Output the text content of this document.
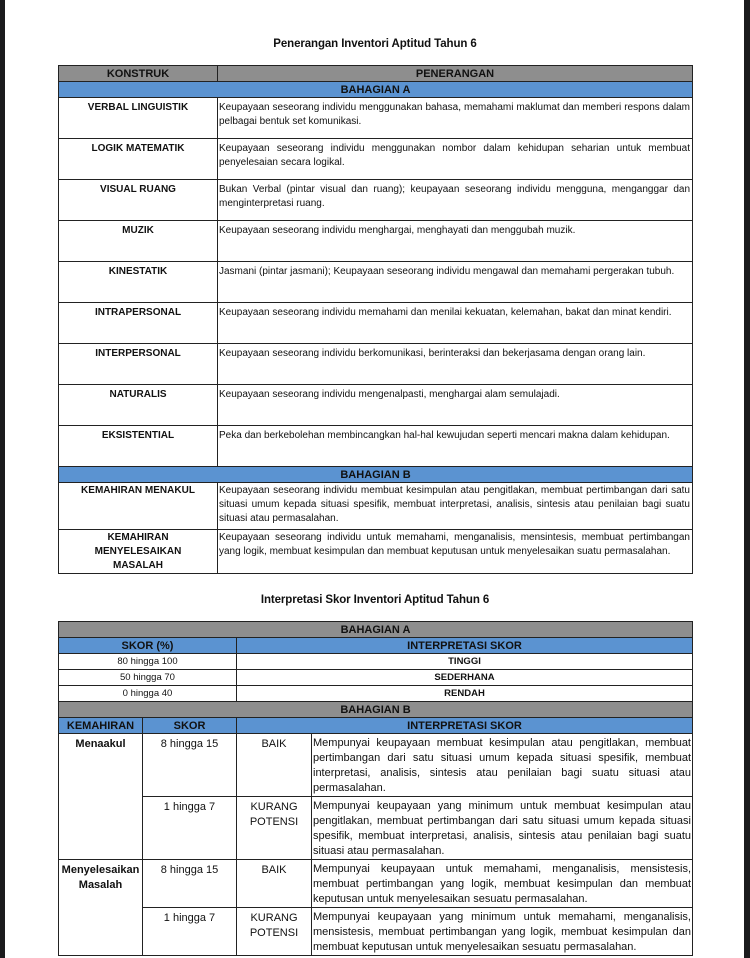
Penerangan Inventori Aptitud Tahun 6
KONSTRUK	PENERANGAN
BAHAGIAN A	
VERBAL LINGUISTIK	Keupayaan seseorang individu menggunakan bahasa, memahami maklumat dan memberi respons dalam pelbagai bentuk set komunikasi.
LOGIK MATEMATIK	Keupayaan seseorang individu menggunakan nombor dalam kehidupan seharian untuk membuat penyelesaian secara logikal.
VISUAL RUANG	Bukan Verbal (pintar visual dan ruang); keupayaan seseorang individu mengguna, menganggar dan menginterpretasi ruang.
MUZIK	Keupayaan seseorang individu menghargai, menghayati dan menggubah muzik.
KINESTATIK	Jasmani (pintar jasmani); Keupayaan seseorang individu mengawal dan memahami pergerakan tubuh.
INTRAPERSONAL	Keupayaan seseorang individu memahami dan menilai kekuatan, kelemahan, bakat dan minat kendiri.
INTERPERSONAL	Keupayaan seseorang individu berkomunikasi, berinteraksi dan bekerjasama dengan orang lain.
NATURALIS	Keupayaan seseorang individu mengenalpasti, menghargai alam semulajadi.
EKSISTENTIAL	Peka dan berkebolehan membincangkan hal-hal kewujudan seperti mencari makna dalam kehidupan.
BAHAGIAN B	
KEMAHIRAN MENAKUL	Keupayaan seseorang individu membuat kesimpulan atau pengitlakan, membuat pertimbangan dari satu situasi umum kepada situasi spesifik, membuat interpretasi, analisis, sintesis atau penilaian bagi suatu situasi atau permasalahan.
KEMAHIRAN MENYELESAIKAN MASALAH	Keupayaan seseorang individu untuk memahami, menganalisis, mensintesis, membuat pertimbangan yang logik, membuat kesimpulan dan membuat keputusan untuk menyelesaikan suatu permasalahan.
Interpretasi Skor Inventori Aptitud Tahun 6
BAHAGIAN A			
SKOR (%)		INTERPRETASI SKOR	
80 hingga 100		TINGGI	
50 hingga 70		SEDERHANA	
0 hingga 40		RENDAH	
BAHAGIAN B			
KEMAHIRAN	SKOR	INTERPRETASI SKOR	
Menaakul	8 hingga 15	BAIK	Mempunyai keupayaan membuat kesimpulan atau pengitlakan, membuat pertimbangan dari satu situasi umum kepada situasi spesifik, membuat interpretasi, analisis, sintesis atau penilaian bagi suatu situasi atau permasalahan.
	1 hingga 7	KURANG POTENSI	Mempunyai keupayaan yang minimum untuk membuat kesimpulan atau pengitlakan, membuat pertimbangan dari satu situasi umum kepada situasi spesifik, membuat interpretasi, analisis, sintesis atau penilaian bagi suatu situasi atau permasalahan.
Menyelesaikan Masalah	8 hingga 15	BAIK	Mempunyai keupayaan untuk memahami, menganalisis, mensistesis, membuat pertimbangan yang logik, membuat kesimpulan dan membuat keputusan untuk menyelesaikan sesuatu permasalahan.
	1 hingga 7	KURANG POTENSI	Mempunyai keupayaan yang minimum untuk memahami, menganalisis, mensistesis, membuat pertimbangan yang logik, membuat kesimpulan dan membuat keputusan untuk menyelesaikan sesuatu permasalahan.
